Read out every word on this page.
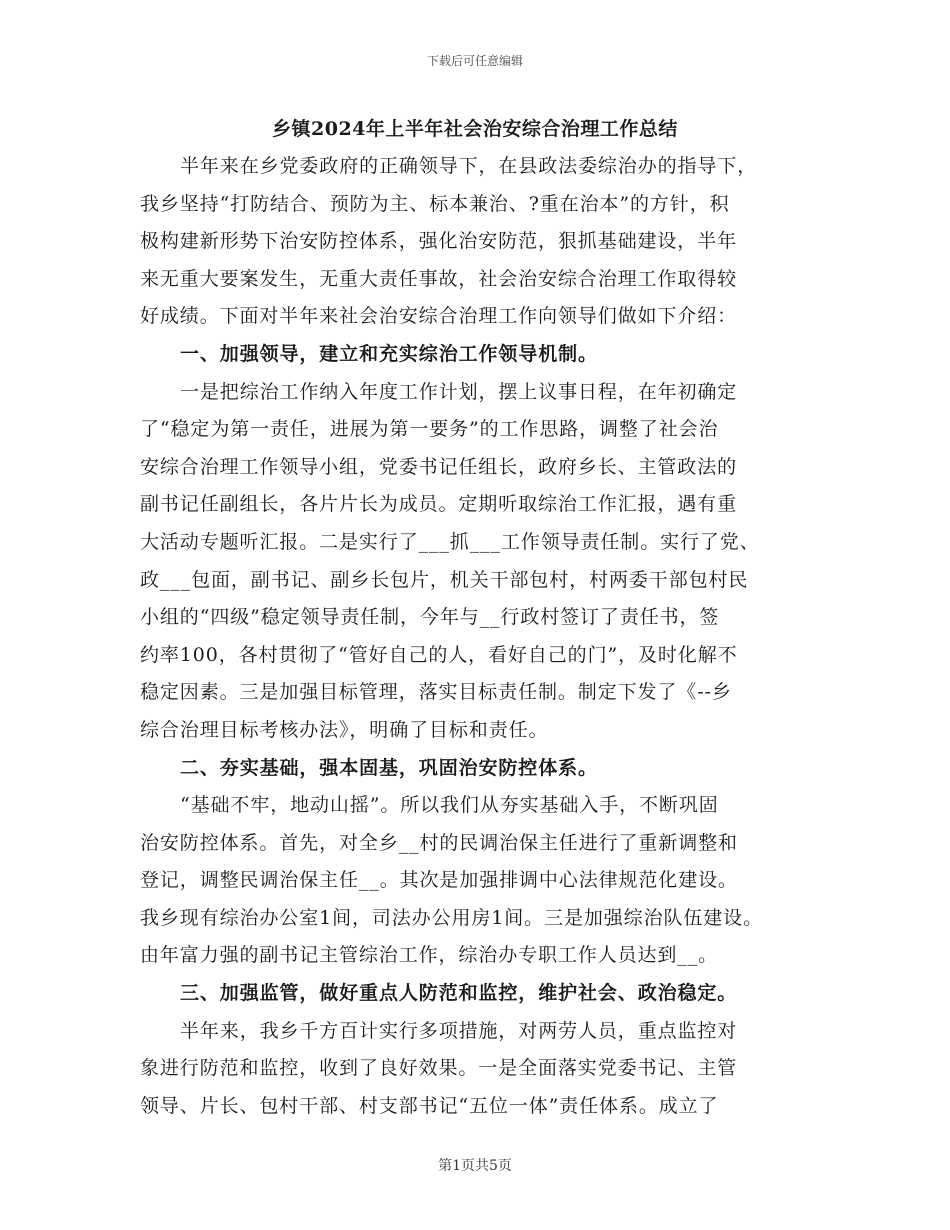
下载后可任意编辑
乡镇2024年上半年社会治安综合治理工作总结
半年来在乡党委政府的正确领导下，在县政法委综治办的指导下，
我乡坚持“打防结合、预防为主、标本兼治、?重在治本”的方针，积
极构建新形势下治安防控体系，强化治安防范，狠抓基础建设，半年
来无重大要案发生，无重大责任事故，社会治安综合治理工作取得较
好成绩。下面对半年来社会治安综合治理工作向领导们做如下介绍：
一、加强领导，建立和充实综治工作领导机制。
一是把综治工作纳入年度工作计划，摆上议事日程，在年初确定
了“稳定为第一责任，进展为第一要务”的工作思路，调整了社会治
安综合治理工作领导小组，党委书记任组长，政府乡长、主管政法的
副书记任副组长，各片片长为成员。定期听取综治工作汇报，遇有重
大活动专题听汇报。二是实行了___抓___工作领导责任制。实行了党、
政___包面，副书记、副乡长包片，机关干部包村，村两委干部包村民
小组的“四级”稳定领导责任制，今年与__行政村签订了责任书，签
约率100，各村贯彻了“管好自己的人，看好自己的门”，及时化解不
稳定因素。三是加强目标管理，落实目标责任制。制定下发了《--乡
综合治理目标考核办法》，明确了目标和责任。
二、夯实基础，强本固基，巩固治安防控体系。
“基础不牢，地动山摇”。所以我们从夯实基础入手，不断巩固
治安防控体系。首先，对全乡__村的民调治保主任进行了重新调整和
登记，调整民调治保主任__。其次是加强排调中心法律规范化建设。
我乡现有综治办公室1间，司法办公用房1间。三是加强综治队伍建设。
由年富力强的副书记主管综治工作，综治办专职工作人员达到__。
三、加强监管，做好重点人防范和监控，维护社会、政治稳定。
半年来，我乡千方百计实行多项措施，对两劳人员，重点监控对
象进行防范和监控，收到了良好效果。一是全面落实党委书记、主管
领导、片长、包村干部、村支部书记“五位一体”责任体系。成立了
第1页共5页
